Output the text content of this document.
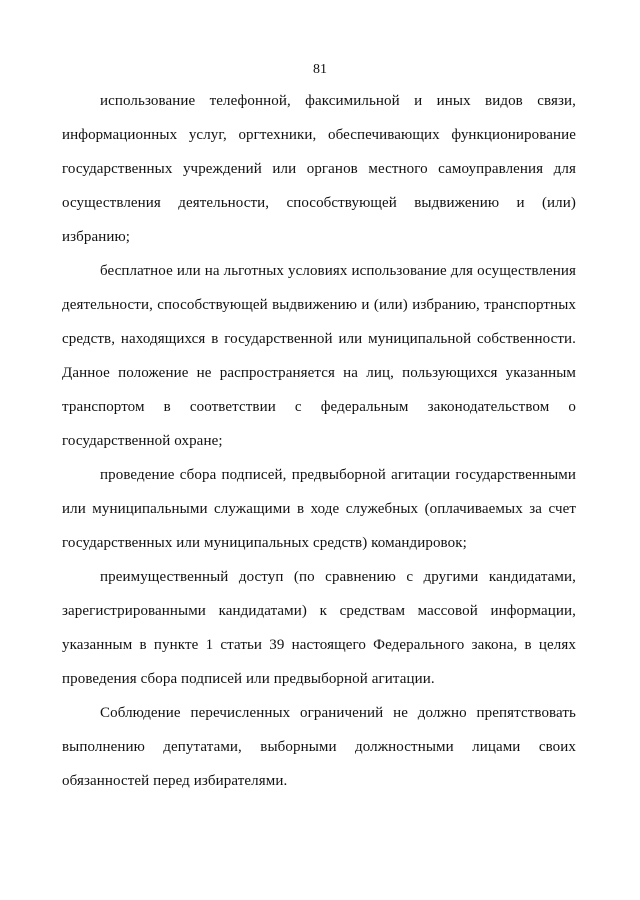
81

использование телефонной, факсимильной и иных видов связи, информационных услуг, оргтехники, обеспечивающих функционирование государственных учреждений или органов местного самоуправления для осуществления деятельности, способствующей выдвижению и (или) избранию;

бесплатное или на льготных условиях использование для осуществления деятельности, способствующей выдвижению и (или) избранию, транспортных средств, находящихся в государственной или муниципальной собственности. Данное положение не распространяется на лиц, пользующихся указанным транспортом в соответствии с федеральным законодательством о государственной охране;

проведение сбора подписей, предвыборной агитации государственными или муниципальными служащими в ходе служебных (оплачиваемых за счет государственных или муниципальных средств) командировок;

преимущественный доступ (по сравнению с другими кандидатами, зарегистрированными кандидатами) к средствам массовой информации, указанным в пункте 1 статьи 39 настоящего Федерального закона, в целях проведения сбора подписей или предвыборной агитации.

Соблюдение перечисленных ограничений не должно препятствовать выполнению депутатами, выборными должностными лицами своих обязанностей перед избирателями.
